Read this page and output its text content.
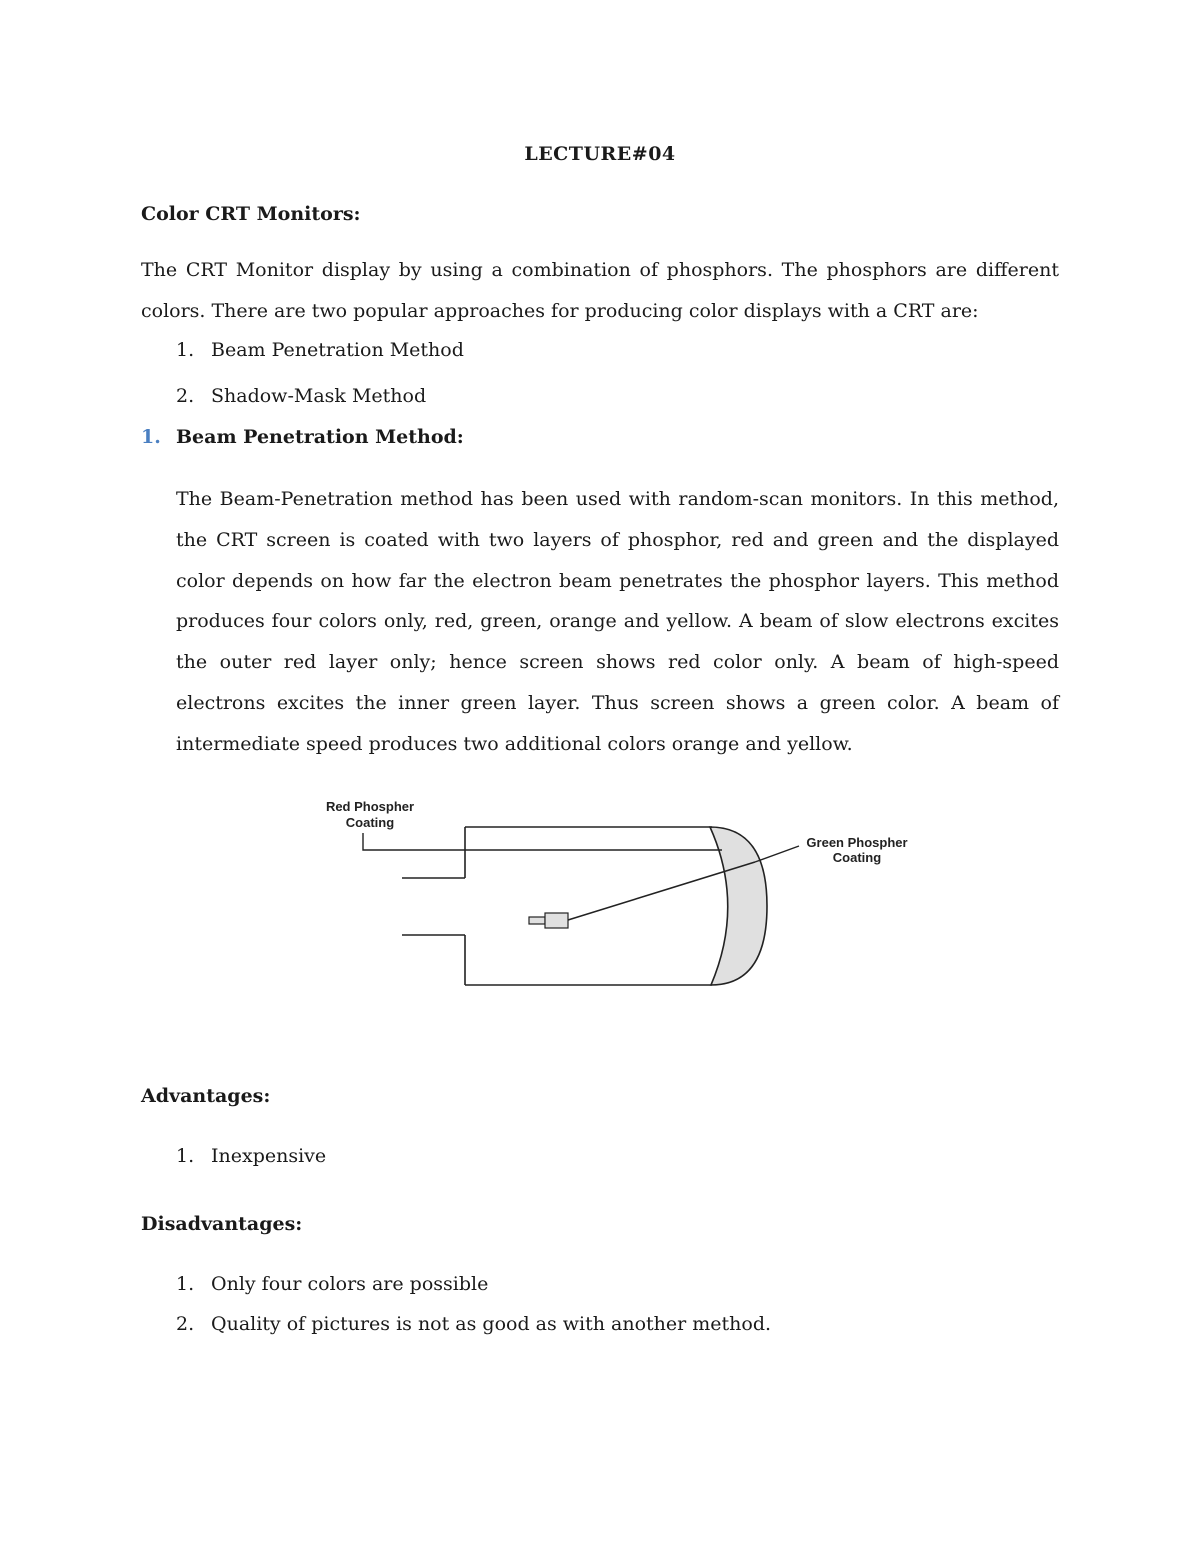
LECTURE#04
Color CRT Monitors:
The CRT Monitor display by using a combination of phosphors. The phosphors are different colors. There are two popular approaches for producing color displays with a CRT are:
1. Beam Penetration Method
2. Shadow-Mask Method
1. Beam Penetration Method:
The Beam-Penetration method has been used with random-scan monitors. In this method, the CRT screen is coated with two layers of phosphor, red and green and the displayed color depends on how far the electron beam penetrates the phosphor layers. This method produces four colors only, red, green, orange and yellow. A beam of slow electrons excites the outer red layer only; hence screen shows red color only. A beam of high-speed electrons excites the inner green layer. Thus screen shows a green color. A beam of intermediate speed produces two additional colors orange and yellow.
Red Phospher
Coating
Green Phospher
Coating
Advantages:
1. Inexpensive
Disadvantages:
1. Only four colors are possible
2. Quality of pictures is not as good as with another method.
